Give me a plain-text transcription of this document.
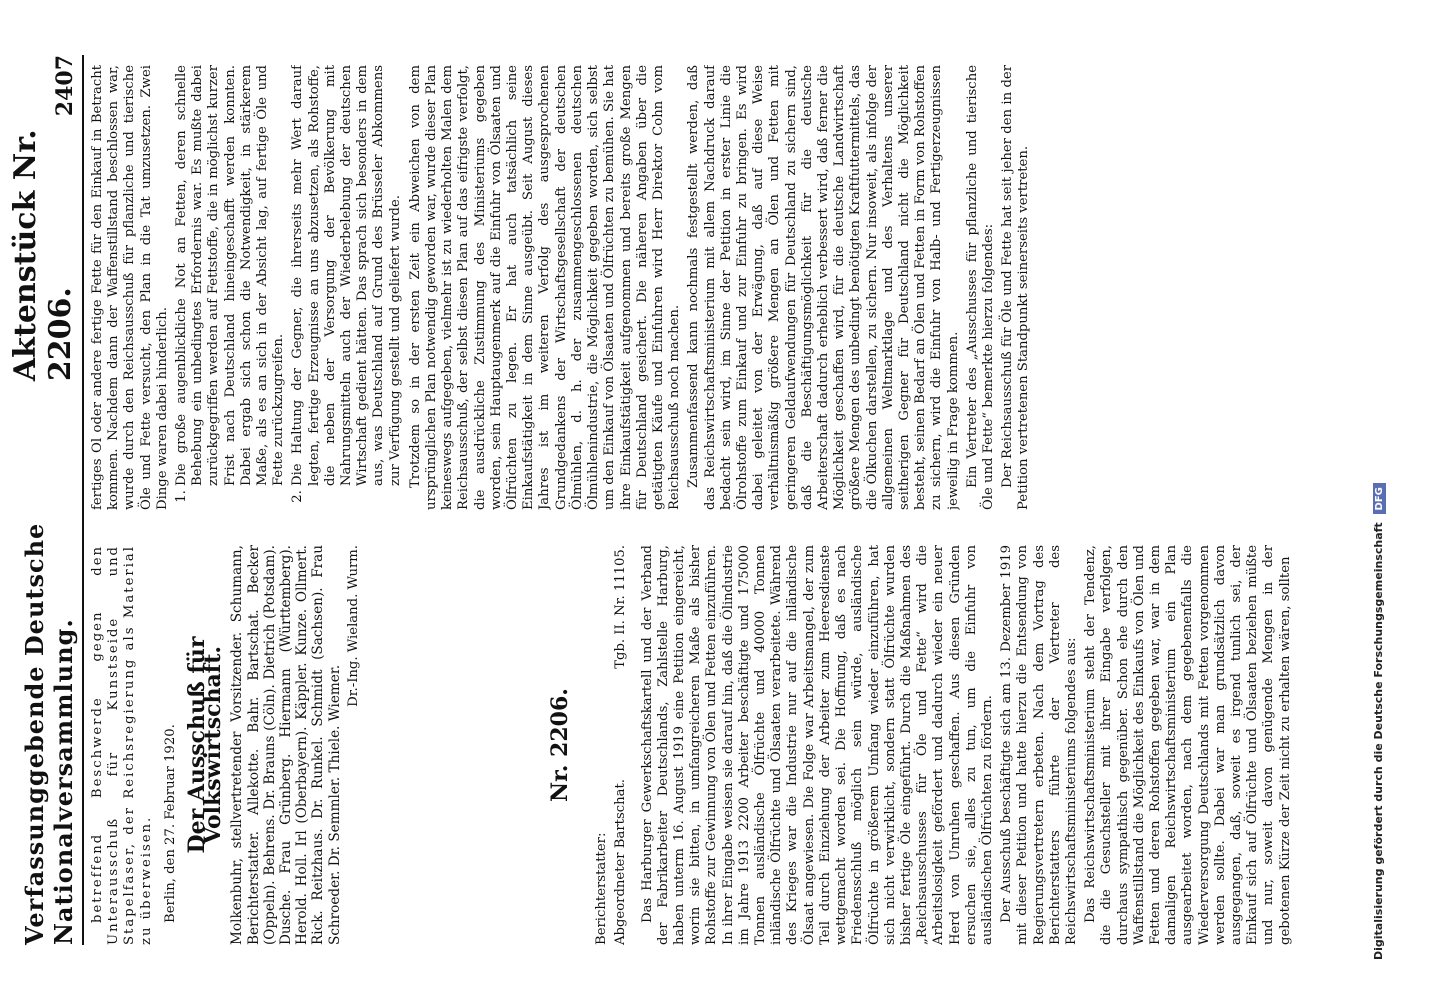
Verfassunggebende Deutsche Nationalversammlung.
Aktenstück Nr. 2206.
2407

betreffend Beschwerde gegen den Unterausschuß für Kunstseide und Stapelfaser, der Reichsregierung als Material zu überweisen. Berlin, den 27. Februar 1920. Der Ausschuß für Volkswirtschaft. Molkenbuhr, stellvertretender Vorsitzender. Schumann, Berichterstatter. Allekotte. Bahr. Bartschat. Becker (Oppeln). Behrens. Dr. Brauns (Cöln). Dietrich (Potsdam). Dusche. Frau Grünberg. Hiermann (Württemberg). Herold. Holl. Irl (Oberbayern). Käppler. Kunze. Ollmert. Rick. Reitzhaus. Dr. Runkel. Schmidt (Sachsen). Frau Schroeder. Dr. Semmler. Thiele. Wiemer.

Dr.-Ing. Wieland. Wurm.

Nr. 2206.

Berichterstatter: Abgeordneter Bartschat.
Tgb. II. Nr. 11105. Das Harburger Gewerkschaftskartell und der Verband der Fabrikarbeiter Deutschlands, Zahlstelle Harburg, haben unterm 16. August 1919 eine Petition eingereicht, worin sie bitten, in umfangreicheren Maße als bisher Rohstoffe zur Gewinnung von Ölen und Fetten einzuführen. In ihrer Eingabe weisen sie darauf hin, daß die Ölindustrie im Jahre 1913 2200 Arbeiter beschäftigte und 175000 Tonnen ausländische Ölfrüchte und 40000 Tonnen inländische Ölfrüchte und Ölsaaten verarbeitete. Während des Krieges war die Industrie nur auf die inländische Ölsaat angewiesen. Die Folge war Arbeitsmangel, der zum Teil durch Einziehung der Arbeiter zum Heeresdienste wettgemacht worden sei. Die Hoffnung, daß es nach Friedensschluß möglich sein würde, ausländische Ölfrüchte in größerem Umfang wieder einzuführen, hat sich nicht verwirklicht, sondern statt Ölfrüchte wurden bisher fertige Öle eingeführt. Durch die Maßnahmen des „Reichsausschusses für Öle und Fette“ wird die Arbeitslosigkeit gefördert und dadurch wieder ein neuer Herd von Unruhen geschaffen. Aus diesen Gründen ersuchen sie, alles zu tun, um die Einfuhr von ausländischen Ölfrüchten zu fördern. Der Ausschuß beschäftigte sich am 13. Dezember 1919 mit dieser Petition und hatte hierzu die Entsendung von Regierungsvertretern erbeten. Nach dem Vortrag des Berichterstatters führte der Vertreter des Reichswirtschaftsministeriums folgendes aus: Das Reichswirtschaftsministerium steht der Tendenz, die die Gesuchsteller mit ihrer Eingabe verfolgen, durchaus sympathisch gegenüber. Schon ehe durch den Waffenstillstand die Möglichkeit des Einkaufs von Ölen und Fetten und deren Rohstoffen gegeben war, war in dem damaligen Reichswirtschaftsministerium ein Plan ausgearbeitet worden, nach dem gegebenenfalls die Wiederversorgung Deutschlands mit Fetten vorgenommen werden sollte. Dabei war man grundsätzlich davon ausgegangen, daß, soweit es irgend tunlich sei, der Einkauf sich auf Ölfrüchte und Ölsaaten beziehen müßte und nur, soweit davon genügende Mengen in der gebotenen Kürze der Zeit nicht zu erhalten wären, sollten

fertiges Öl oder andere fertige Fette für den Einkauf in Betracht kommen. Nachdem dann der Waffenstillstand beschlossen war, wurde durch den Reichsausschuß für pflanzliche und tierische Öle und Fette versucht, den Plan in die Tat umzusetzen. Zwei Dinge waren dabei hinderlich. 1. Die große augenblickliche Not an Fetten, deren schnelle Behebung ein unbedingtes Erfordernis war. Es mußte dabei zurückgegriffen werden auf Fettstoffe, die in möglichst kurzer Frist nach Deutschland hineingeschafft werden konnten. Dabei ergab sich schon die Notwendigkeit, in stärkerem Maße, als es an sich in der Absicht lag, auf fertige Öle und Fette zurückzugreifen. 2. Die Haltung der Gegner, die ihrerseits mehr Wert darauf legten, fertige Erzeugnisse an uns abzusetzen, als Rohstoffe, die neben der Versorgung der Bevölkerung mit Nahrungsmitteln auch der Wiederbelebung der deutschen Wirtschaft gedient hätten. Das sprach sich besonders in dem aus, was Deutschland auf Grund des Brüsseler Abkommens zur Verfügung gestellt und geliefert wurde. Trotzdem so in der ersten Zeit ein Abweichen von dem ursprünglichen Plan notwendig geworden war, wurde dieser Plan keineswegs aufgegeben, vielmehr ist zu wiederholten Malen dem Reichsausschuß, der selbst diesen Plan auf das eifrigste verfolgt, die ausdrückliche Zustimmung des Ministeriums gegeben worden, sein Hauptaugenmerk auf die Einfuhr von Ölsaaten und Ölfrüchten zu legen. Er hat auch tatsächlich seine Einkaufstätigkeit in dem Sinne ausgeübt. Seit August dieses Jahres ist im weiteren Verfolg des ausgesprochenen Grundgedankens der Wirtschaftsgesellschaft der deutschen Ölmühlen, d. h. der zusammengeschlossenen deutschen Ölmühlenindustrie, die Möglichkeit gegeben worden, sich selbst um den Einkauf von Ölsaaten und Ölfrüchten zu bemühen. Sie hat ihre Einkaufstätigkeit aufgenommen und bereits große Mengen für Deutschland gesichert. Die näheren Angaben über die getätigten Käufe und Einfuhren wird Herr Direktor Cohn vom Reichsausschuß noch machen. Zusammenfassend kann nochmals festgestellt werden, daß das Reichswirtschaftsministerium mit allem Nachdruck darauf bedacht sein wird, im Sinne der Petition in erster Linie die Ölrohstoffe zum Einkauf und zur Einfuhr zu bringen. Es wird dabei geleitet von der Erwägung, daß auf diese Weise verhältnismäßig größere Mengen an Ölen und Fetten mit geringeren Geldaufwendungen für Deutschland zu sichern sind, daß die Beschäftigungsmöglichkeit für die deutsche Arbeiterschaft dadurch erheblich verbessert wird, daß ferner die Möglichkeit geschaffen wird, für die deutsche Landwirtschaft größere Mengen des unbedingt benötigten Kraftfuttermittels, das die Ölkuchen darstellen, zu sichern. Nur insoweit, als infolge der allgemeinen Weltmarktlage und des Verhaltens unserer seitherigen Gegner für Deutschland nicht die Möglichkeit besteht, seinen Bedarf an Ölen und Fetten in Form von Rohstoffen zu sichern, wird die Einfuhr von Halb- und Fertigerzeugnissen jeweilig in Frage kommen. Ein Vertreter des „Ausschusses für pflanzliche und tierische Öle und Fette“ bemerkte hierzu folgendes: Der Reichsausschuß für Öle und Fette hat seit jeher den in der Petition vertretenen Standpunkt seinerseits vertreten.

Digitalisierung gefördert durch die Deutsche Forschungsgemeinschaft DFG
